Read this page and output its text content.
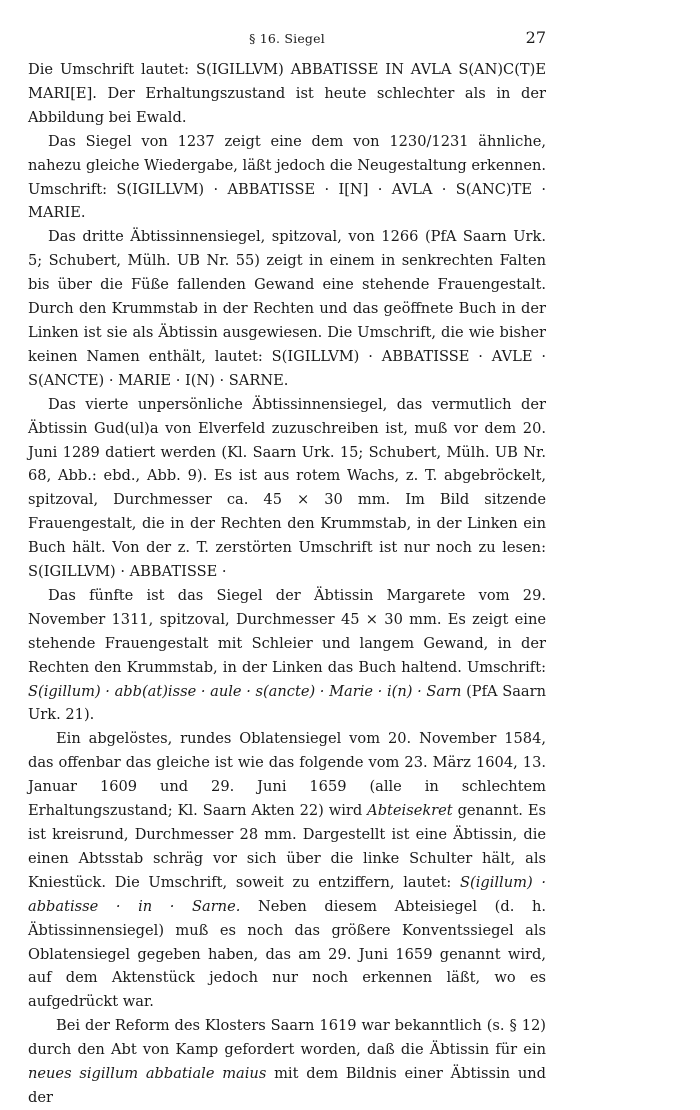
§ 16. Siegel	27

Die Umschrift lautet: S(IGILLVM) ABBATISSE IN AVLA S(AN)C(T)E MARI[E]. Der Erhaltungszustand ist heute schlechter als in der Abbildung bei Ewald.

Das Siegel von 1237 zeigt eine dem von 1230/1231 ähnliche, nahezu gleiche Wiedergabe, läßt jedoch die Neugestaltung erkennen. Umschrift: S(IGILLVM) · ABBATISSE · I[N] · AVLA · S(ANC)TE · MARIE.

Das dritte Äbtissinnensiegel, spitzoval, von 1266 (PfA Saarn Urk. 5; Schubert, Mülh. UB Nr. 55) zeigt in einem in senkrechten Falten bis über die Füße fallenden Gewand eine stehende Frauengestalt. Durch den Krummstab in der Rechten und das geöffnete Buch in der Linken ist sie als Äbtissin ausgewiesen. Die Umschrift, die wie bisher keinen Namen enthält, lautet: S(IGILLVM) · ABBATISSE · AVLE · S(ANCTE) · MARIE · I(N) · SARNE.

Das vierte unpersönliche Äbtissinnensiegel, das vermutlich der Äbtissin Gud(ul)a von Elverfeld zuzuschreiben ist, muß vor dem 20. Juni 1289 datiert werden (Kl. Saarn Urk. 15; Schubert, Mülh. UB Nr. 68, Abb.: ebd., Abb. 9). Es ist aus rotem Wachs, z. T. abgebröckelt, spitzoval, Durchmesser ca. 45 × 30 mm. Im Bild sitzende Frauengestalt, die in der Rechten den Krummstab, in der Linken ein Buch hält. Von der z. T. zerstörten Umschrift ist nur noch zu lesen: S(IGILLVM) · ABBATISSE ·

Das fünfte ist das Siegel der Äbtissin Margarete vom 29. November 1311, spitzoval, Durchmesser 45 × 30 mm. Es zeigt eine stehende Frauengestalt mit Schleier und langem Gewand, in der Rechten den Krummstab, in der Linken das Buch haltend. Umschrift: S(igillum) · abb(at)isse · aule · s(ancte) · Marie · i(n) · Sarn (PfA Saarn Urk. 21).

Ein abgelöstes, rundes Oblatensiegel vom 20. November 1584, das offenbar das gleiche ist wie das folgende vom 23. März 1604, 13. Januar 1609 und 29. Juni 1659 (alle in schlechtem Erhaltungszustand; Kl. Saarn Akten 22) wird Abteisekret genannt. Es ist kreisrund, Durchmesser 28 mm. Dargestellt ist eine Äbtissin, die einen Abtsstab schräg vor sich über die linke Schulter hält, als Kniestück. Die Umschrift, soweit zu entziffern, lautet: S(igillum) · abbatisse · in · Sarne. Neben diesem Abteisiegel (d. h. Äbtissinnensiegel) muß es noch das größere Konventssiegel als Oblatensiegel gegeben haben, das am 29. Juni 1659 genannt wird, auf dem Aktenstück jedoch nur noch erkennen läßt, wo es aufgedrückt war.

Bei der Reform des Klosters Saarn 1619 war bekanntlich (s. § 12) durch den Abt von Kamp gefordert worden, daß die Äbtissin für ein neues sigillum abbatiale maius mit dem Bildnis einer Äbtissin und der
